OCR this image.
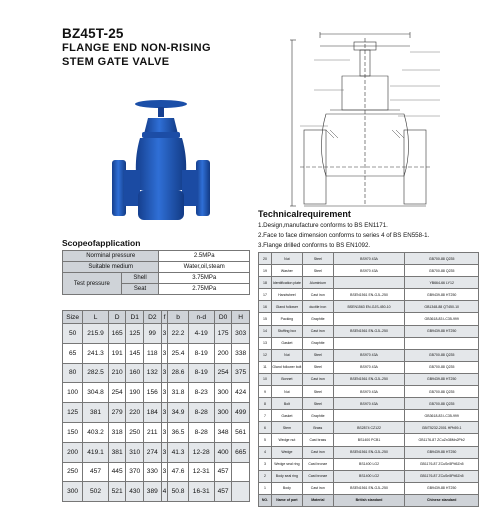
BZ45T-25
FLANGE END NON-RISING
STEM GATE VALVE
Technicalrequirement
1.Design,manufacture conforms to BS EN1171.
2.Face to face dimension conforms to series 4 of BS EN558-1.
3.Flange drilled conforms to BS EN1092.
Scopeofapplication
Norminal pressure		2.5MPa
Suitable medium		Water,oil,steam
Test pressure	Shell	3.75MPa
	Seat	2.75MPa
Size	L	D	D1	D2	f	b	n-d	D0	H
50	215.9	165	125	99	3	22.2	4-19	175	303
65	241.3	191	145	118	3	25.4	8-19	200	338
80	282.5	210	160	132	3	28.6	8-19	254	375
100	304.8	254	190	156	3	31.8	8-23	300	424
125	381	279	220	184	3	34.9	8-28	300	499
150	403.2	318	250	211	3	36.5	8-28	348	561
200	419.1	381	310	274	3	41.3	12-28	400	665
250	457	445	370	330	3	47.6	12-31	457	
300	502	521	430	389	4	50.8	16-31	457	
20	Nut	Steel	BS970 43A	GB700-88 Q235
19	Washer	Steel	BS970 43A	GB700-88 Q235
18	Identification plate	Aluminium		YB664-66 LY12
17	Handwheel	Cast iron	BSEN1561 EN-GJL-250	GB9439-88 HT250
16	Gland follower	ductile iron	BSEN1563 EN-GJS-450-10	GB1348-88 QT450-10
15	Packing	Graphite		GB3618-83 LC35-999
14	Stuffing box	Cast iron	BSEN1561 EN-GJL-250	GB9439-88 HT250
13	Gasket	Graphite		
12	Nut	Steel	BS970 43A	GB700-88 Q235
11	Gland follower bolt	Steel	BS970 43A	GB700-88 Q235
10	Bonnet	Cast iron	BSEN1561 EN-GJL-250	GB9439-88 HT250
9	Nut	Steel	BS970 43A	GB700-88 Q235
8	Bolt	Steel	BS970 43A	GB700-88 Q235
7	Gasket	Graphite		GB3618-83 LC35-999
6	Stem	Brass	BS2874 CZ122	GB/T5232-2001 HPb59-1
5	Wedge nut	Cast brass	BS1400 PCB1	GB1176-87 ZCuZn38Mn2Pb2
4	Wedge	Cast iron	BSEN1561 EN-GJL-250	GB9439-88 HT250
3	Wedge seal ring	Cast bronze	BS1400 LG2	GB1176-87 ZCuSn5Pb5Zn5
2	Body seal ring	Cast bronze	BS1400 LG2	GB1176-87 ZCuSn5Pb5Zn5
1	Body	Cast iron	BSEN1561 EN-GJL-250	GB9439-88 HT250
NO.	Name of part	Material	British standard	Chinese standard
